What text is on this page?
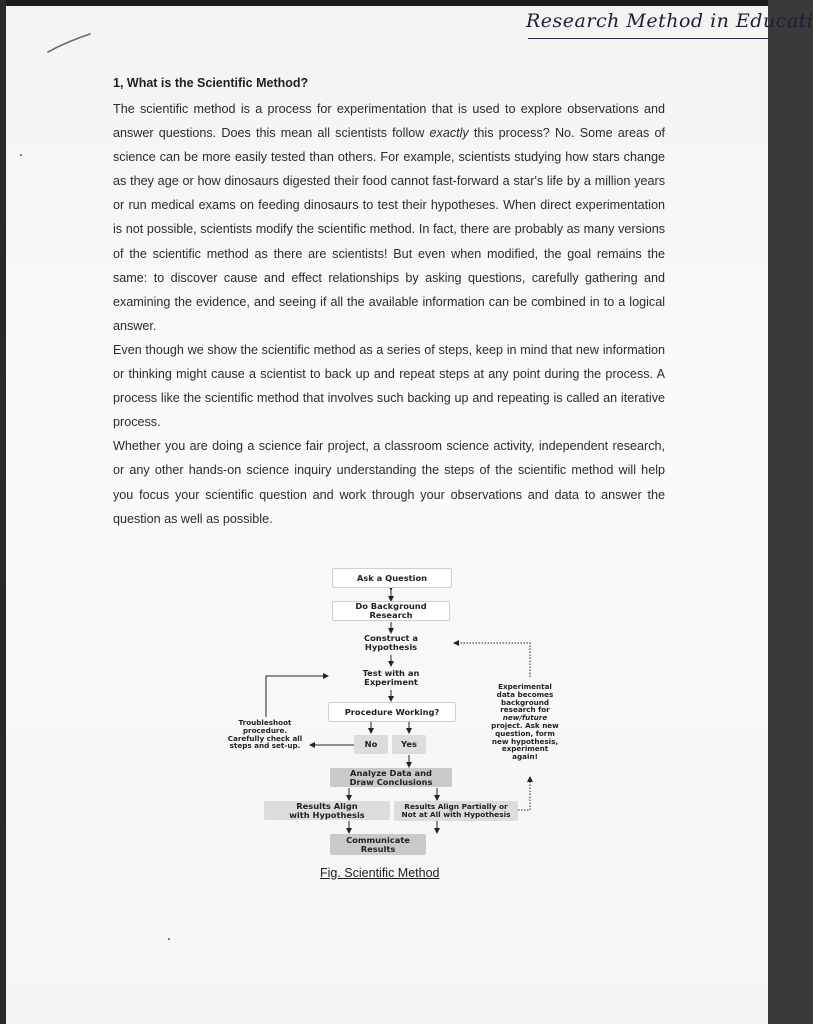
Research Method in Educati
1, What is the Scientific Method?

The scientific method is a process for experimentation that is used to explore observations and answer questions. Does this mean all scientists follow exactly this process? No. Some areas of science can be more easily tested than others. For example, scientists studying how stars change as they age or how dinosaurs digested their food cannot fast-forward a star's life by a million years or run medical exams on feeding dinosaurs to test their hypotheses. When direct experimentation is not possible, scientists modify the scientific method. In fact, there are probably as many versions of the scientific method as there are scientists! But even when modified, the goal remains the same: to discover cause and effect relationships by asking questions, carefully gathering and examining the evidence, and seeing if all the available information can be combined in to a logical answer.

Even though we show the scientific method as a series of steps, keep in mind that new information or thinking might cause a scientist to back up and repeat steps at any point during the process. A process like the scientific method that involves such backing up and repeating is called an iterative process.

Whether you are doing a science fair project, a classroom science activity, independent research, or any other hands-on science inquiry understanding the steps of the scientific method will help you focus your scientific question and work through your observations and data to answer the question as well as possible.

Ask a Question
Do Background Research
Construct a Hypothesis
Test with an Experiment
Procedure Working?
No	Yes
Analyze Data and Draw Conclusions
Results Align with Hypothesis
Results Align Partially or Not at All with Hypothesis
Communicate Results
Troubleshoot procedure. Carefully check all steps and set-up.
Experimental data becomes background research for new/future project. Ask new question, form new hypothesis, experiment again!
Fig. Scientific Method
